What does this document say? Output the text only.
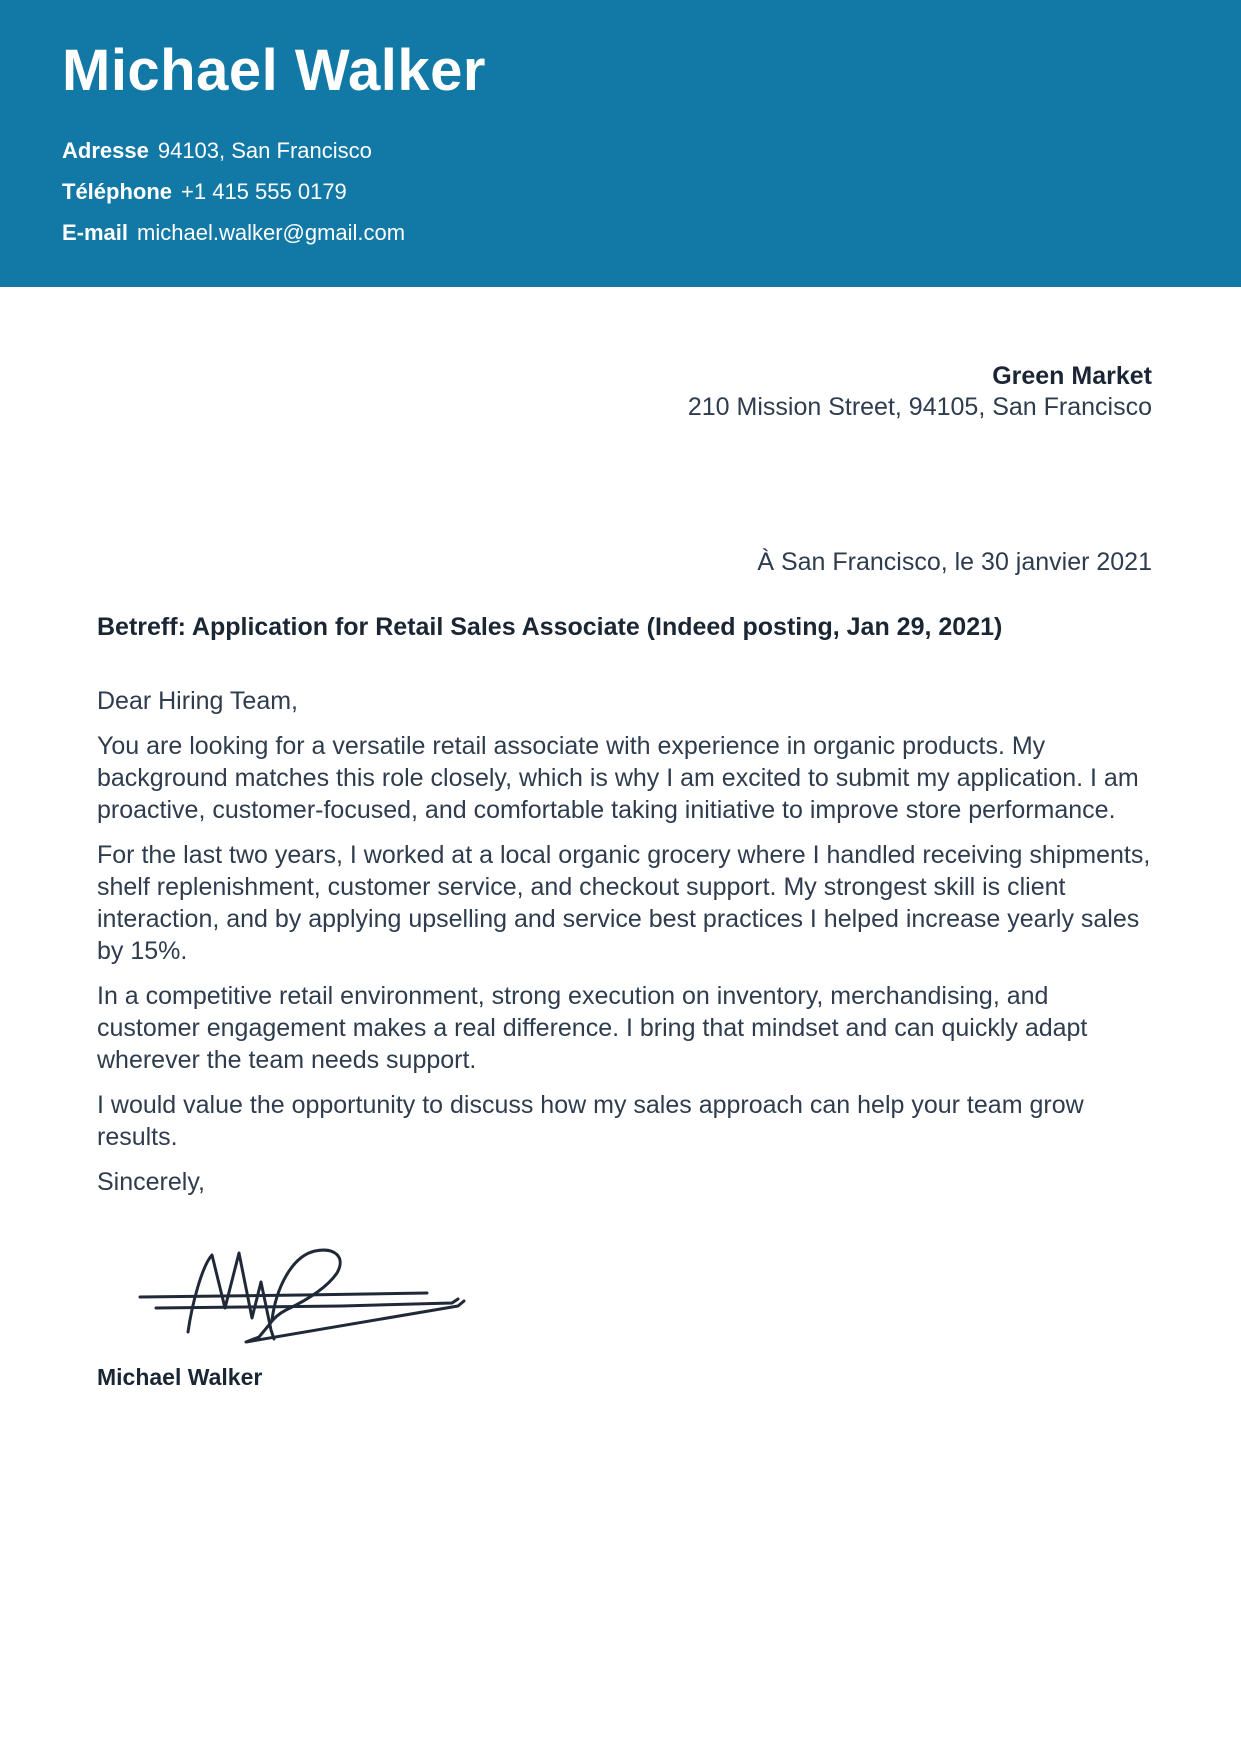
Michael Walker
Adresse 94103, San Francisco
Téléphone +1 415 555 0179
E-mail michael.walker@gmail.com
Green Market
210 Mission Street, 94105, San Francisco
À San Francisco, le 30 janvier 2021
Betreff: Application for Retail Sales Associate (Indeed posting, Jan 29, 2021)

Dear Hiring Team,

You are looking for a versatile retail associate with experience in organic products. My background matches this role closely, which is why I am excited to submit my application. I am proactive, customer-focused, and comfortable taking initiative to improve store performance.

For the last two years, I worked at a local organic grocery where I handled receiving shipments, shelf replenishment, customer service, and checkout support. My strongest skill is client interaction, and by applying upselling and service best practices I helped increase yearly sales by 15%.

In a competitive retail environment, strong execution on inventory, merchandising, and customer engagement makes a real difference. I bring that mindset and can quickly adapt wherever the team needs support.

I would value the opportunity to discuss how my sales approach can help your team grow results.

Sincerely,

Michael Walker
